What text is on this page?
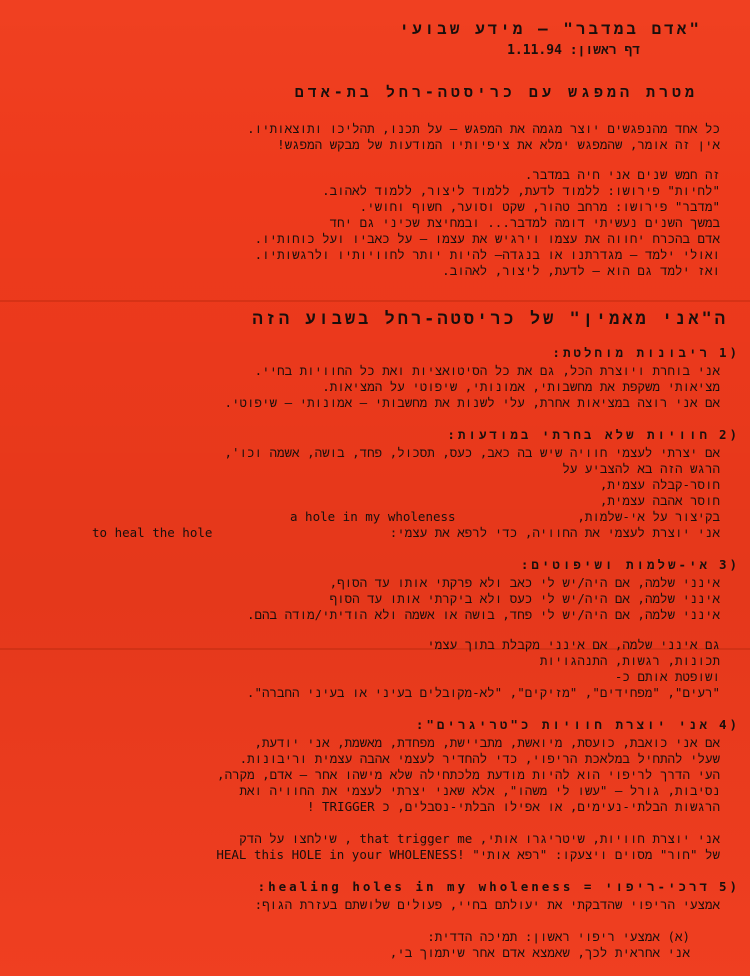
"אדם במדבר" – מידע שבועי
דף ראשון: 1.11.94
מטרת המפגש עם כריסטה-רחל בת-אדם
כל אחד מהנפגשים יוצר מגמה את המפגש – על תכנו, תהליכו ותוצאותיו.
אין זה אומר, שהמפגש ימלא את ציפיותיו המודעות של מבקש המפגש!
זה חמש שנים אני חיה במדבר.
"לחיות" פירושו: ללמוד לדעת, ללמוד ליצור, ללמוד לאהוב.
"מדבר" פירושו: מרחב טהור, שקט וסוער, חשוף וחושי.
במשך השנים נעשיתי דומה למדבר... ובמחיצת שכיני גם יחד
אדם בהכרח יחווה את עצמו וירגיש את עצמו – על כאביו ועל כוחותיו.
ואולי ילמד – מגדרתנו או בנגדה– להיות יותר לחוויותיו ולרגשותיו.
ואז ילמד גם הוא – לדעת, ליצור, לאהוב.
ה"אני מאמין" של כריסטה-רחל בשבוע הזה
1)
ריבונות מוחלטת:
אני בוחרת ויוצרת הכל, גם את כל הסיטואציות ואת כל החוויות בחיי.
מציאותי משקפת את מחשבותי, אמונותי, שיפוטי על המציאות.
אם אני רוצה במציאות אחרת, עלי לשנות את מחשבותי – אמונותי – שיפוטי.
2)
חוויות שלא בחרתי במודעות:
אם יצרתי לעצמי חוויה שיש בה כאב, כעס, תסכול, פחד, בושה, אשמה וכו',
הרגש הזה בא להצביע על
חוסר-קבלה עצמית,
חוסר אהבה עצמית,
בקיצור על אי-שלמות,
a hole in my wholeness
אני יוצרת לעצמי את החוויה, כדי לרפא את עצמי:
to heal the hole
3)
אי-שלמות ושיפוטים:
אינני שלמה, אם היה/יש לי כאב ולא פרקתי אותו עד הסוף,
אינני שלמה, אם היה/יש לי כעס ולא ביקרתי אותו עד הסוף
אינני שלמה, אם היה/יש לי פחד, בושה או אשמה ולא הודיתי/מודה בהם.
גם אינני שלמה, אם אינני מקבלת בתוך עצמי
תכונות, רגשות, התנהגויות
ושופטת אותם כ-
"רעים", "מפחידים", "מזיקים", "לא-מקובלים בעיני או בעיני החברה".
4)
אני יוצרת חוויות כ"טריגרים":
אם אני כואבת, כועסת, מיואשת, מתביישת, מפחדת, מאשמת, אני יודעת,
שעלי להתחיל במלאכת הריפוי, כדי להחדיר לעצמי אהבה עצמית וריבונות.
העי הדרך לריפוי הוא להיות מודעת מלכתחילה שלא מישהו אחר – אדם, מקרה,
נסיבות, גורל – "עשו לי משהו", אלא שאני יצרתי לעצמי את החוויה ואת
הרגשות הבלתי-נעימים, או אפילו הבלתי-נסבלים, כ TRIGGER !
אני יוצרת חוויות, שיטריגרו אותי, that trigger me , שילחצו על הדק
של "חור" מסוים ויצעקו: "רפא אותי" !HEAL this HOLE in your WHOLENESS
5)
דרכי-ריפוי = healing holes in my wholeness:
אמצעי הריפוי שהדבקתי את יעולתם בחיי, פעולים שלושתם בעזרת הגוף:
(א) אמצעי ריפוי ראשון: תמיכה הדדית:
אני אחראית לכך, שאמצא אדם אחר שיתמוך בי,
